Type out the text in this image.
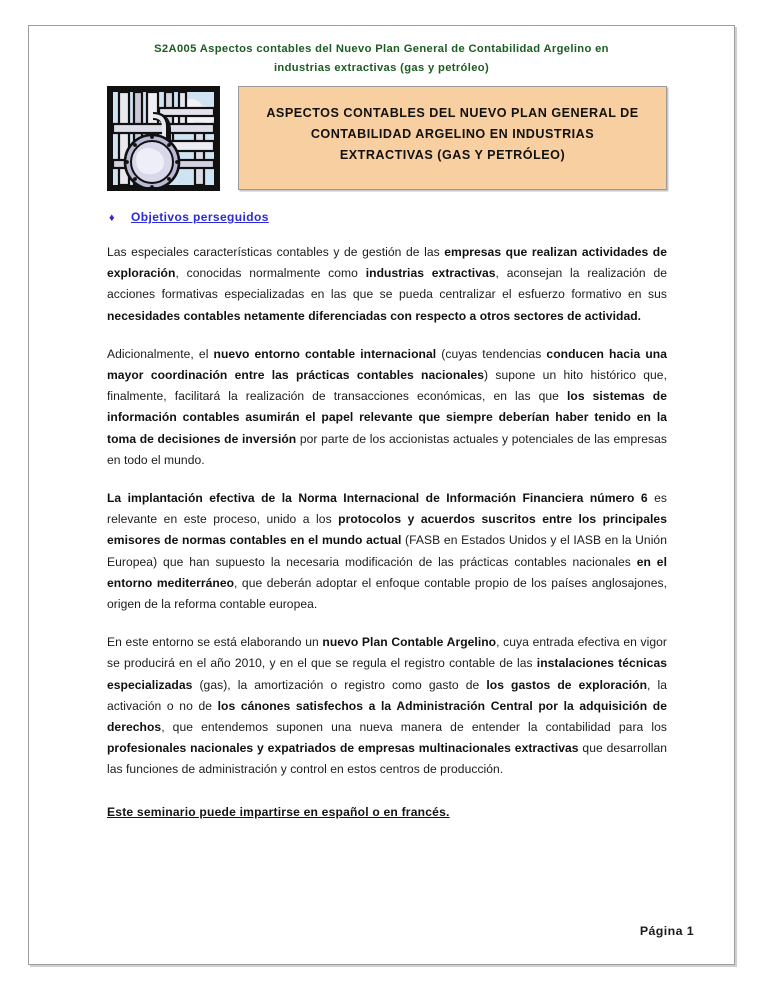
S2A005 Aspectos contables del Nuevo Plan General de Contabilidad Argelino en
industrias extractivas (gas y petróleo)
ASPECTOS CONTABLES DEL NUEVO PLAN GENERAL DE
CONTABILIDAD ARGELINO EN INDUSTRIAS
EXTRACTIVAS (GAS Y PETRÓLEO)
♦	Objetivos perseguidos

Las especiales características contables y de gestión de las empresas que realizan actividades de exploración, conocidas normalmente como industrias extractivas, aconsejan la realización de acciones formativas especializadas en las que se pueda centralizar el esfuerzo formativo en sus necesidades contables netamente diferenciadas con respecto a otros sectores de actividad.

Adicionalmente, el nuevo entorno contable internacional (cuyas tendencias conducen hacia una mayor coordinación entre las prácticas contables nacionales) supone un hito histórico que, finalmente, facilitará la realización de transacciones económicas, en las que los sistemas de información contables asumirán el papel relevante que siempre deberían haber tenido en la toma de decisiones de inversión por parte de los accionistas actuales y potenciales de las empresas en todo el mundo.

La implantación efectiva de la Norma Internacional de Información Financiera número 6 es relevante en este proceso, unido a los protocolos y acuerdos suscritos entre los principales emisores de normas contables en el mundo actual (FASB en Estados Unidos y el IASB en la Unión Europea) que han supuesto la necesaria modificación de las prácticas contables nacionales en el entorno mediterráneo, que deberán adoptar el enfoque contable propio de los países anglosajones, origen de la reforma contable europea.

En este entorno se está elaborando un nuevo Plan Contable Argelino, cuya entrada efectiva en vigor se producirá en el año 2010, y en el que se regula el registro contable de las instalaciones técnicas especializadas (gas), la amortización o registro como gasto de los gastos de exploración, la activación o no de los cánones satisfechos a la Administración Central por la adquisición de derechos, que entendemos suponen una nueva manera de entender la contabilidad para los profesionales nacionales y expatriados de empresas multinacionales extractivas que desarrollan las funciones de administración y control en estos centros de producción.

Este seminario puede impartirse en español o en francés.

Página 1
